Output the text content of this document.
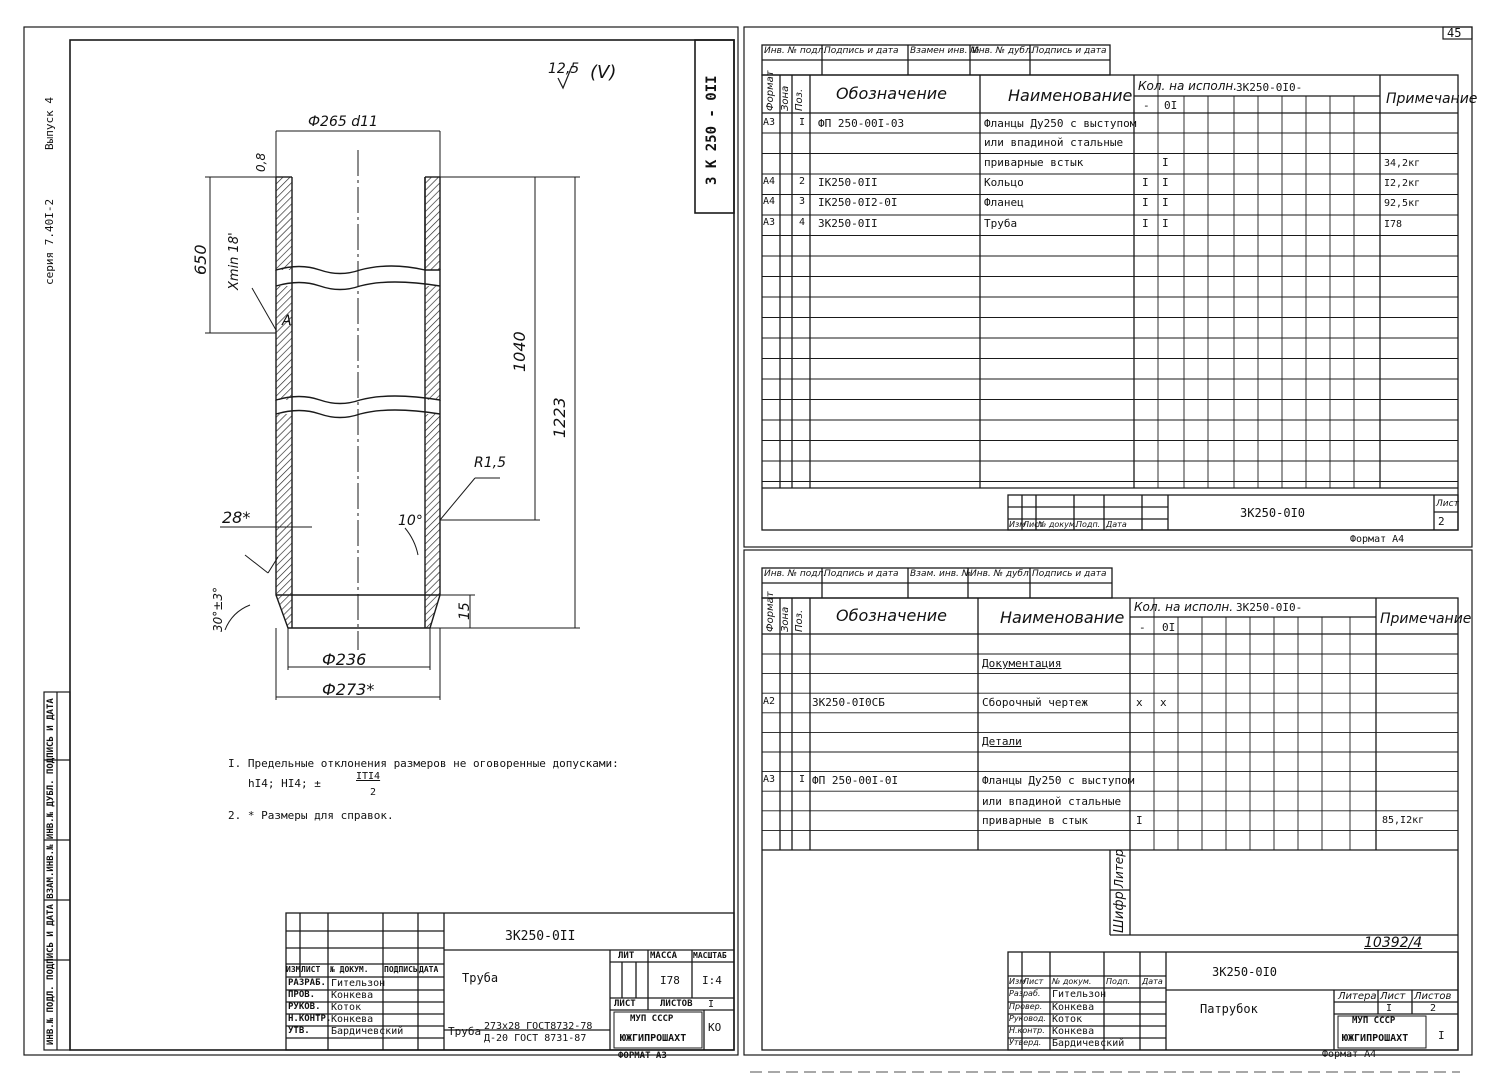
45
серия 7.40I-2
Выпуск 4
ИНВ.№ ПОДЛ. ПОДПИСЬ И ДАТА ВЗАМ.ИНВ.№ ИНВ.№ ДУБЛ. ПОДПИСЬ И ДАТА
3 К 250 - 0II
12,5 (V)
Ф265 d11
0,8
650 Xmin 18'
A
1040
1223
R1,5
10°
28*
30°±3°	15
Ф236
Ф273*
I. Предельные отклонения размеров не оговоренные допусками:
hI4; HI4; ±
ITI4
2
2. * Размеры для справок.
3К250-0II
Труба
ИЗМ ЛИСТ № ДОКУМ. ПОДПИСЬ ДАТА
РАЗРАБ. Гительзон
ПРОВ. Конкева
РУКОВ. Коток
Н.КОНТР. Конкева
УТВ. Бардичевский
ЛИТ МАССА МАСШТАБ
I78 I:4
ЛИСТ	ЛИСТОВ I
Труба 273х28 ГОСТ8732-78
Д-20 ГОСТ 8731-87
МУП СССР
ЮЖГИПРОШАХТ
КО
ФОРМАТ А3
Инв. № подл.
Подпись и дата Взамен инв. №
Инв. № дубл.
Подпись и дата
Формат Зона Поз. Обозначение	Наименование Кол. на исполн.
3К250-0I0-
- 0I	Примечание
А3 I ФП 250-00I-03	Фланцы Ду250 с выступом
или впадиной стальные
приварные встык	I	34,2кг
А4 2 IК250-0II	Кольцо	I I	I2,2кг
А4 3 IК250-0I2-0I	Фланец	I I	92,5кг
А3 4 3К250-0II	Труба	I I	I78
Изм
Лист
№ докум.
Подп. Дата
3К250-0I0
Лист
2
Формат А4
Инв. № подл.
Подпись и дата Взам. инв. №
Инв. № дубл. Подпись и дата
Формат Зона Поз. Обозначение	Наименование
Кол. на исполн. 3К250-0I0-
- 0I
Примечание
Документация
А2	3К250-0I0СБ	Сборочный чертеж	х х
Детали
А3 I ФП 250-00I-0I	Фланцы Ду250 с выступом
или впадиной стальные
приварные в стык	I	85,I2кг
Литер
Шифр
10392/4
3К250-0I0
Патрубок
Изм
Лист № докум. Подп. Дата
Разраб. Гительзон
Провер. Конкева
Руковод. Коток
Н.контр. Конкева
Утверд. Бардичевский
Литера Лист Листов
I	2
МУП СССР
ЮЖГИПРОШАХТ	I
Формат А4
